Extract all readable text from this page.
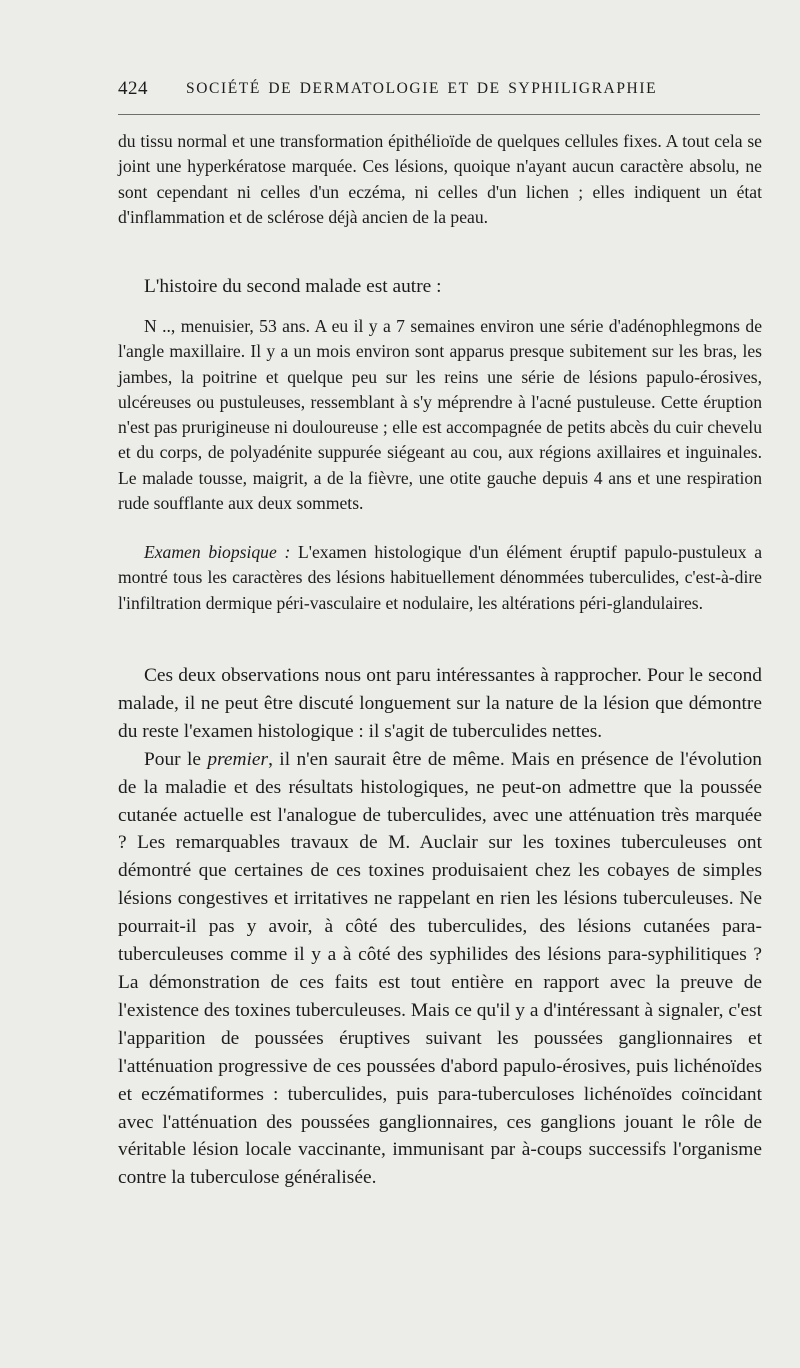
424 SOCIÉTÉ DE DERMATOLOGIE ET DE SYPHILIGRAPHIE

du tissu normal et une transformation épithélioïde de quelques cellules fixes. A tout cela se joint une hyperkératose marquée. Ces lésions, quoique n'ayant aucun caractère absolu, ne sont cependant ni celles d'un eczéma, ni celles d'un lichen ; elles indiquent un état d'inflammation et de sclérose déjà ancien de la peau.

L'histoire du second malade est autre :

N .., menuisier, 53 ans. A eu il y a 7 semaines environ une série d'adénophlegmons de l'angle maxillaire. Il y a un mois environ sont apparus presque subitement sur les bras, les jambes, la poitrine et quelque peu sur les reins une série de lésions papulo-érosives, ulcéreuses ou pustuleuses, ressemblant à s'y méprendre à l'acné pustuleuse. Cette éruption n'est pas prurigineuse ni douloureuse ; elle est accompagnée de petits abcès du cuir chevelu et du corps, de polyadénite suppurée siégeant au cou, aux régions axillaires et inguinales. Le malade tousse, maigrit, a de la fièvre, une otite gauche depuis 4 ans et une respiration rude soufflante aux deux sommets.

Examen biopsique : L'examen histologique d'un élément éruptif papulo-pustuleux a montré tous les caractères des lésions habituellement dénommées tuberculides, c'est-à-dire l'infiltration dermique péri-vasculaire et nodulaire, les altérations péri-glandulaires.

Ces deux observations nous ont paru intéressantes à rapprocher. Pour le second malade, il ne peut être discuté longuement sur la nature de la lésion que démontre du reste l'examen histologique : il s'agit de tuberculides nettes.

Pour le premier, il n'en saurait être de même. Mais en présence de l'évolution de la maladie et des résultats histologiques, ne peut-on admettre que la poussée cutanée actuelle est l'analogue de tuberculides, avec une atténuation très marquée ? Les remarquables travaux de M. Auclair sur les toxines tuberculeuses ont démontré que certaines de ces toxines produisaient chez les cobayes de simples lésions congestives et irritatives ne rappelant en rien les lésions tuberculeuses. Ne pourrait-il pas y avoir, à côté des tuberculides, des lésions cutanées para-tuberculeuses comme il y a à côté des syphilides des lésions para-syphilitiques ? La démonstration de ces faits est tout entière en rapport avec la preuve de l'existence des toxines tuberculeuses. Mais ce qu'il y a d'intéressant à signaler, c'est l'apparition de poussées éruptives suivant les poussées ganglionnaires et l'atténuation progressive de ces poussées d'abord papulo-érosives, puis lichénoïdes et eczématiformes : tuberculides, puis para-tuberculoses lichénoïdes coïncidant avec l'atténuation des poussées ganglionnaires, ces ganglions jouant le rôle de véritable lésion locale vaccinante, immunisant par à-coups successifs l'organisme contre la tuberculose généralisée.
